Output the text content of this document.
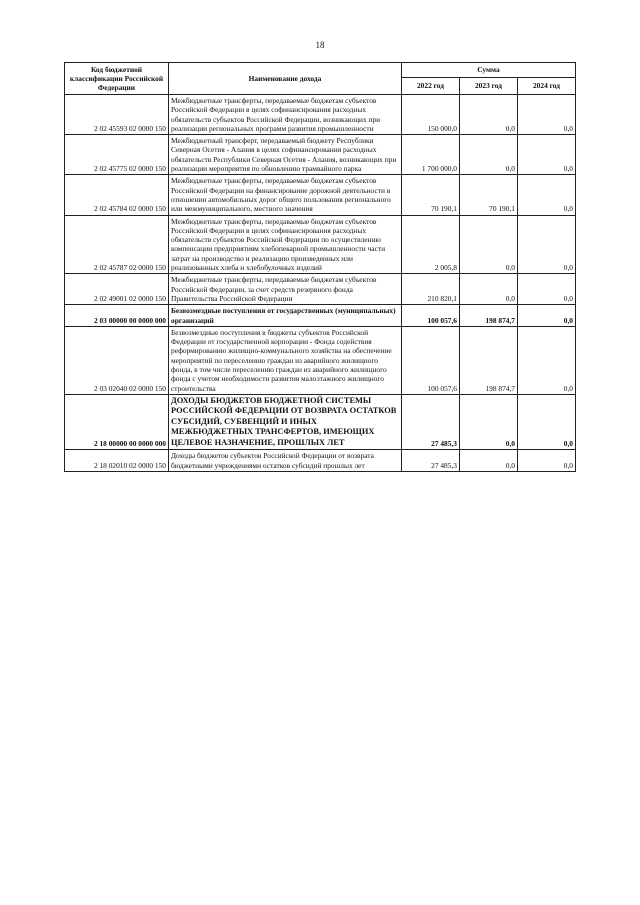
18
Код бюджетной классификации Российской Федерации	Наименование дохода	Сумма		
		2022 год	2023 год	2024 год
2 02 45593 02 0000 150	Межбюджетные трансферты, передаваемые бюджетам субъектов Российской Федерации в целях софинансирования расходных обязательств субъектов Российской Федерации, возникающих при реализации региональных программ развития промышленности	150 000,0	0,0	0,0
2 02 45775 02 0000 150	Межбюджетный трансферт, передаваемый бюджету Республики Северная Осетия - Алания в целях софинансирования расходных обязательств Республики Северная Осетия - Алания, возникающих при реализации мероприятия по обновлению трамвайного парка	1 700 000,0	0,0	0,0
2 02 45784 02 0000 150	Межбюджетные трансферты, передаваемые бюджетам субъектов Российской Федерации на финансирование дорожной деятельности в отношении автомобильных дорог общего пользования регионального или межмуниципального, местного значения	70 190,1	70 190,1	0,0
2 02 45787 02 0000 150	Межбюджетные трансферты, передаваемые бюджетам субъектов Российской Федерации в целях софинансирования расходных обязательств субъектов Российской Федерации по осуществлению компенсации предприятиям хлебопекарной промышленности части затрат на производство и реализацию произведенных или реализованных хлеба и хлебобулочных изделий	2 005,8	0,0	0,0
2 02 49001 02 0000 150	Межбюджетные трансферты, передаваемые бюджетам субъектов Российской Федерации, за счет средств резервного фонда Правительства Российской Федерации	210 820,1	0,0	0,0
2 03 00000 00 0000 000	Безвозмездные поступления от государственных (муниципальных) организаций	100 057,6	198 874,7	0,0
2 03 02040 02 0000 150	Безвозмездные поступления в бюджеты субъектов Российской Федерации от государственной корпорации - Фонда содействия реформированию жилищно-коммунального хозяйства на обеспечение мероприятий по переселению граждан из аварийного жилищного фонда, в том числе переселению граждан из аварийного жилищного фонда с учетом необходимости развития малоэтажного жилищного строительства	100 057,6	198 874,7	0,0
2 18 00000 00 0000 000	ДОХОДЫ БЮДЖЕТОВ БЮДЖЕТНОЙ СИСТЕМЫ РОССИЙСКОЙ ФЕДЕРАЦИИ ОТ ВОЗВРАТА ОСТАТКОВ СУБСИДИЙ, СУБВЕНЦИЙ И ИНЫХ МЕЖБЮДЖЕТНЫХ ТРАНСФЕРТОВ, ИМЕЮЩИХ ЦЕЛЕВОЕ НАЗНАЧЕНИЕ, ПРОШЛЫХ ЛЕТ	27 485,3	0,0	0,0
2 18 02010 02 0000 150	Доходы бюджетов субъектов Российской Федерации от возврата бюджетными учреждениями остатков субсидий прошлых лет	27 485,3	0,0	0,0
